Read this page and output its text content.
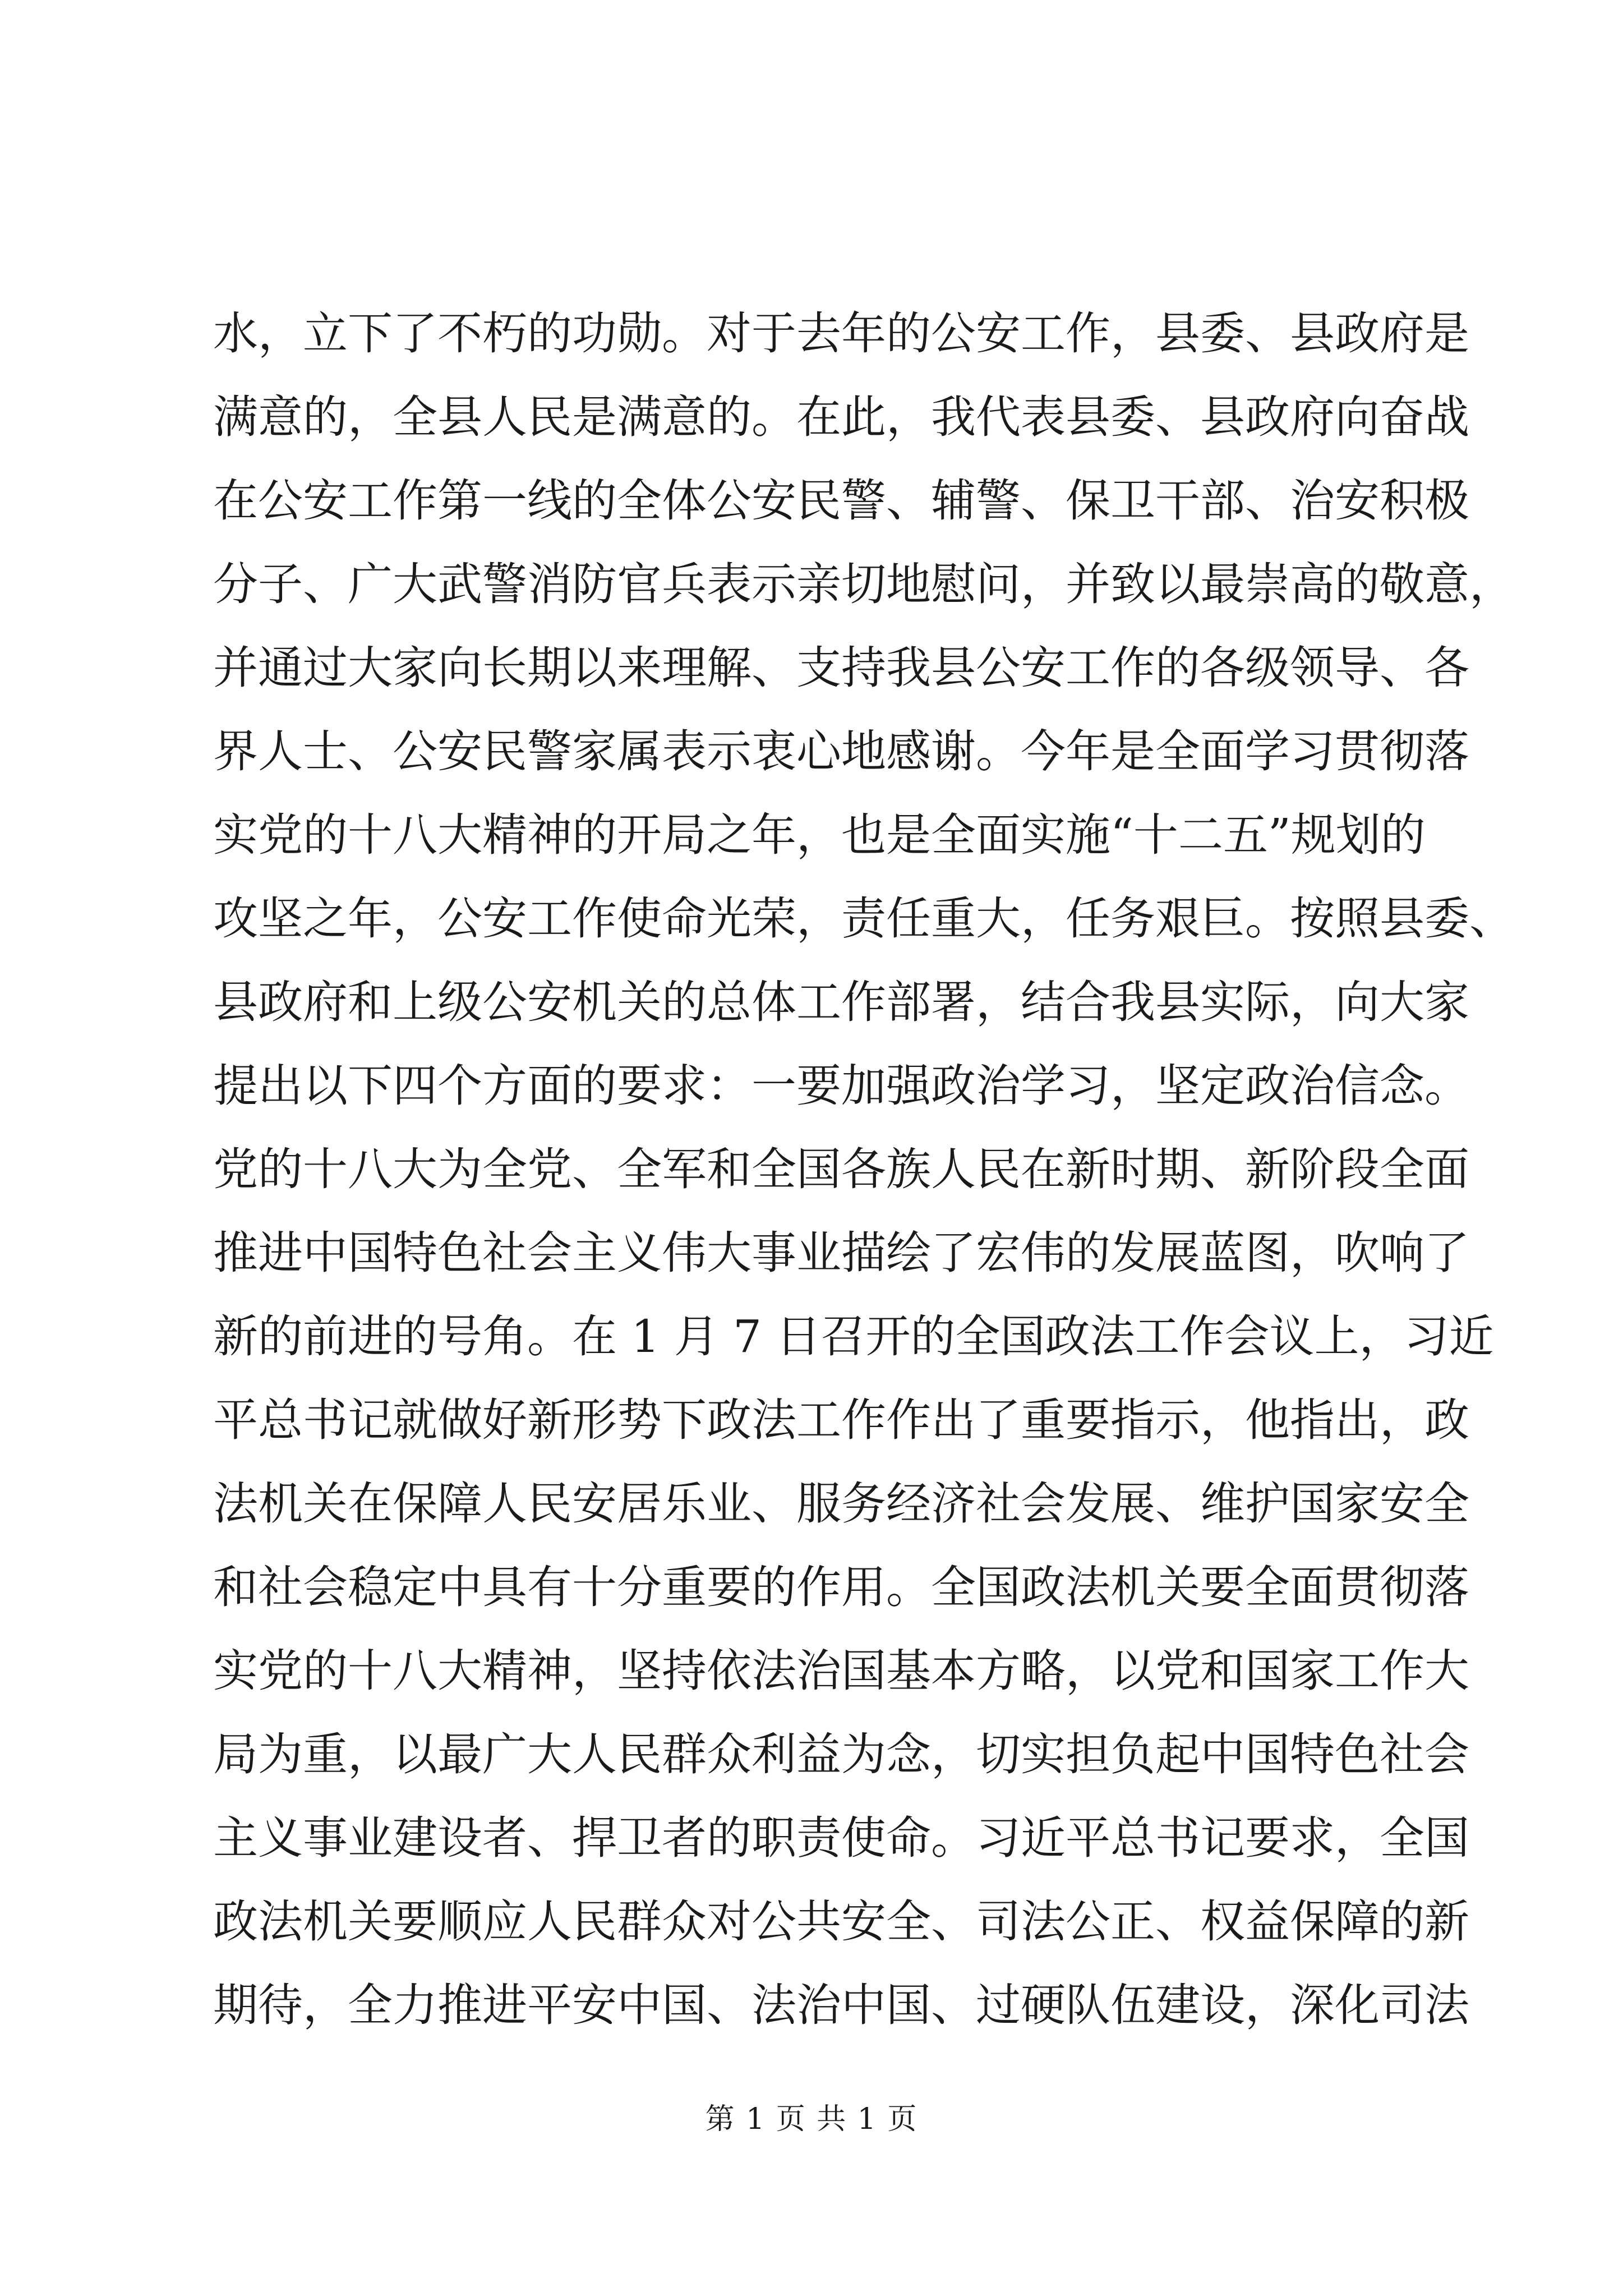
水，立下了不朽的功勋。对于去年的公安工作，县委、县政府是
满意的，全县人民是满意的。在此，我代表县委、县政府向奋战
在公安工作第一线的全体公安民警、辅警、保卫干部、治安积极
分子、广大武警消防官兵表示亲切地慰问，并致以最崇高的敬意，
并通过大家向长期以来理解、支持我县公安工作的各级领导、各
界人士、公安民警家属表示衷心地感谢。今年是全面学习贯彻落
实党的十八大精神的开局之年，也是全面实施“十二五”规划的
攻坚之年，公安工作使命光荣，责任重大，任务艰巨。按照县委、
县政府和上级公安机关的总体工作部署，结合我县实际，向大家
提出以下四个方面的要求：一要加强政治学习，坚定政治信念。
党的十八大为全党、全军和全国各族人民在新时期、新阶段全面
推进中国特色社会主义伟大事业描绘了宏伟的发展蓝图，吹响了
新的前进的号角。在 1 月 7 日召开的全国政法工作会议上，习近
平总书记就做好新形势下政法工作作出了重要指示，他指出，政
法机关在保障人民安居乐业、服务经济社会发展、维护国家安全
和社会稳定中具有十分重要的作用。全国政法机关要全面贯彻落
实党的十八大精神，坚持依法治国基本方略，以党和国家工作大
局为重，以最广大人民群众利益为念，切实担负起中国特色社会
主义事业建设者、捍卫者的职责使命。习近平总书记要求，全国
政法机关要顺应人民群众对公共安全、司法公正、权益保障的新
期待，全力推进平安中国、法治中国、过硬队伍建设，深化司法
第 1 页 共 1 页
